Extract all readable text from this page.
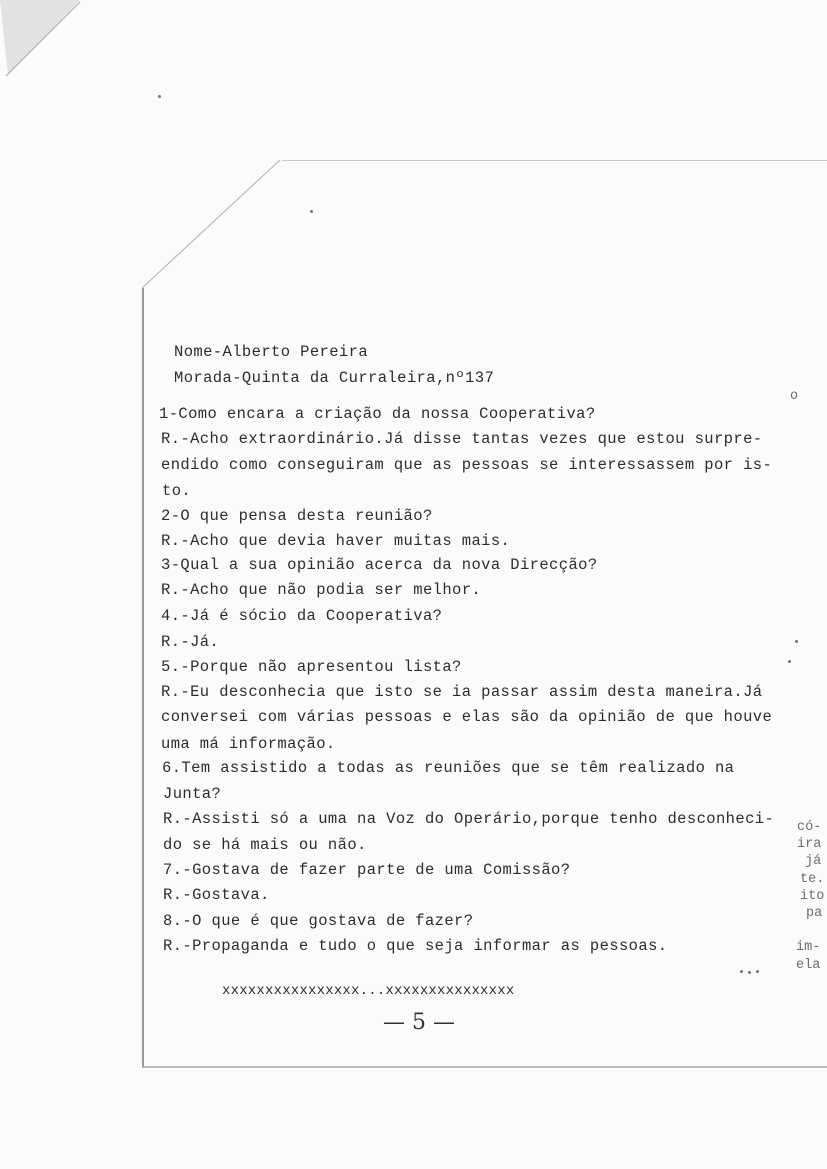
Nome-Alberto Pereira
Morada-Quinta da Curraleira,nº137
1-Como encara a criação da nossa Cooperativa?
R.-Acho extraordinário.Já disse tantas vezes que estou surpre-
endido como conseguiram que as pessoas se interessassem por is-
to.
2-O que pensa desta reunião?
R.-Acho que devia haver muitas mais.
3-Qual a sua opinião acerca da nova Direcção?
R.-Acho que não podia ser melhor.
4.-Já é sócio da Cooperativa?
R.-Já.
5.-Porque não apresentou lista?
R.-Eu desconhecia que isto se ia passar assim desta maneira.Já
conversei com várias pessoas e elas são da opinião de que houve
uma má informação.
6.Tem assistido a todas as reuniões que se têm realizado na
Junta?
R.-Assisti só a uma na Voz do Operário,porque tenho desconheci-
do se há mais ou não.
7.-Gostava de fazer parte de uma Comissão?
R.-Gostava.
8.-O que é que gostava de fazer?
R.-Propaganda e tudo o que seja informar as pessoas.
có-
ira
já
te.
ito
pa
im-
ela
o
xxxxxxxxxxxxxxxx...xxxxxxxxxxxxxxx
— 5 —
